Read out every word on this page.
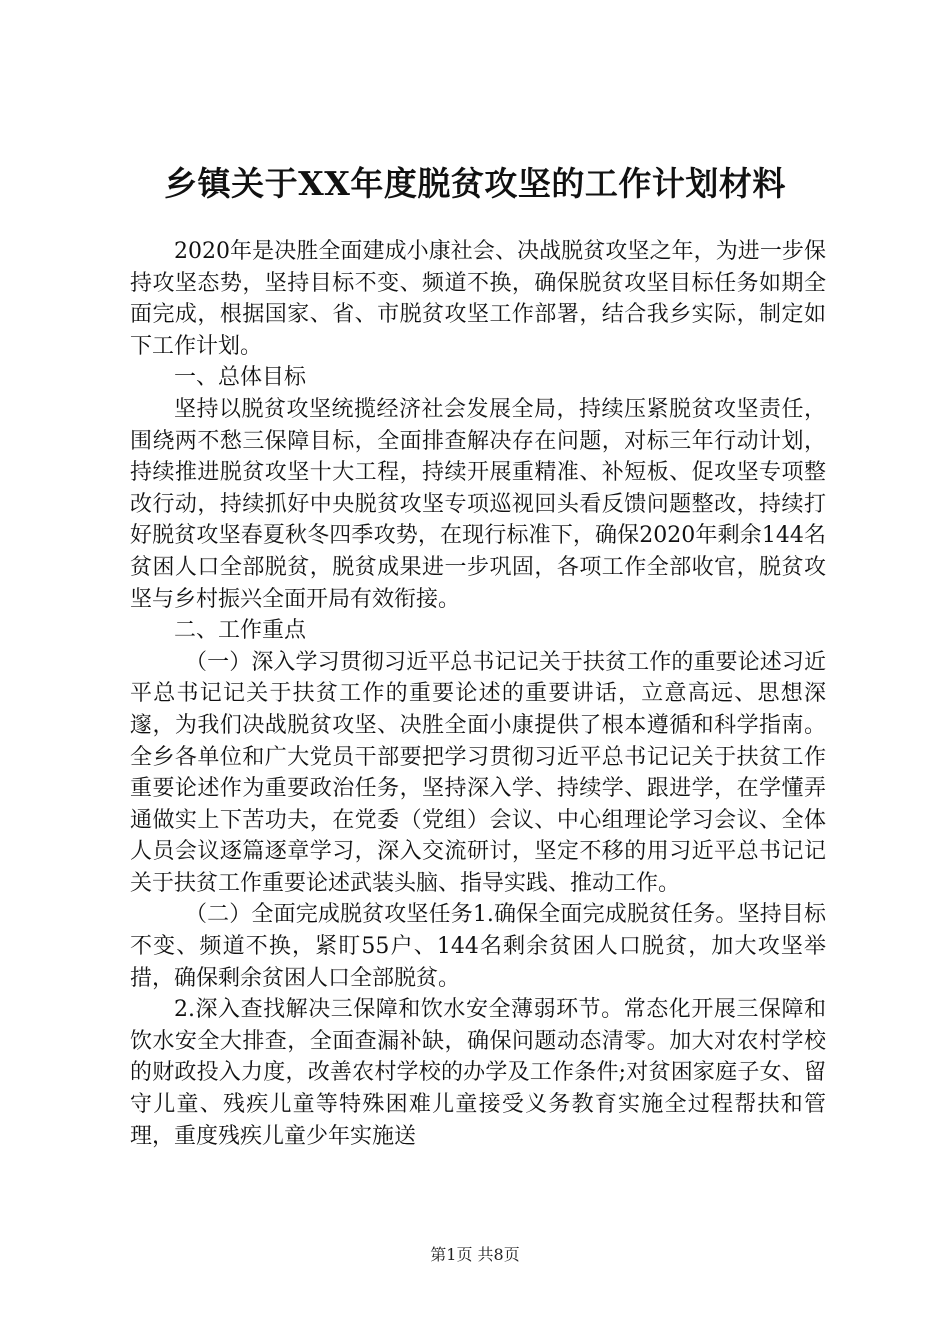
乡镇关于XX年度脱贫攻坚的工作计划材料

2020年是决胜全面建成小康社会、决战脱贫攻坚之年，为进一步保持攻坚态势，坚持目标不变、频道不换，确保脱贫攻坚目标任务如期全面完成，根据国家、省、市脱贫攻坚工作部署，结合我乡实际，制定如下工作计划。

一、总体目标

坚持以脱贫攻坚统揽经济社会发展全局，持续压紧脱贫攻坚责任，围绕两不愁三保障目标，全面排查解决存在问题，对标三年行动计划，持续推进脱贫攻坚十大工程，持续开展重精准、补短板、促攻坚专项整改行动，持续抓好中央脱贫攻坚专项巡视回头看反馈问题整改，持续打好脱贫攻坚春夏秋冬四季攻势，在现行标准下，确保2020年剩余144名贫困人口全部脱贫，脱贫成果进一步巩固，各项工作全部收官，脱贫攻坚与乡村振兴全面开局有效衔接。

二、工作重点

（一）深入学习贯彻习近平总书记记关于扶贫工作的重要论述习近平总书记记关于扶贫工作的重要论述的重要讲话，立意高远、思想深邃，为我们决战脱贫攻坚、决胜全面小康提供了根本遵循和科学指南。全乡各单位和广大党员干部要把学习贯彻习近平总书记记关于扶贫工作重要论述作为重要政治任务，坚持深入学、持续学、跟进学，在学懂弄通做实上下苦功夫，在党委（党组）会议、中心组理论学习会议、全体人员会议逐篇逐章学习，深入交流研讨，坚定不移的用习近平总书记记关于扶贫工作重要论述武装头脑、指导实践、推动工作。

（二）全面完成脱贫攻坚任务1.确保全面完成脱贫任务。坚持目标不变、频道不换，紧盯55户、144名剩余贫困人口脱贫，加大攻坚举措，确保剩余贫困人口全部脱贫。

2.深入查找解决三保障和饮水安全薄弱环节。常态化开展三保障和饮水安全大排查，全面查漏补缺，确保问题动态清零。加大对农村学校的财政投入力度，改善农村学校的办学及工作条件;对贫困家庭子女、留守儿童、残疾儿童等特殊困难儿童接受义务教育实施全过程帮扶和管理，重度残疾儿童少年实施送

第1页 共8页
